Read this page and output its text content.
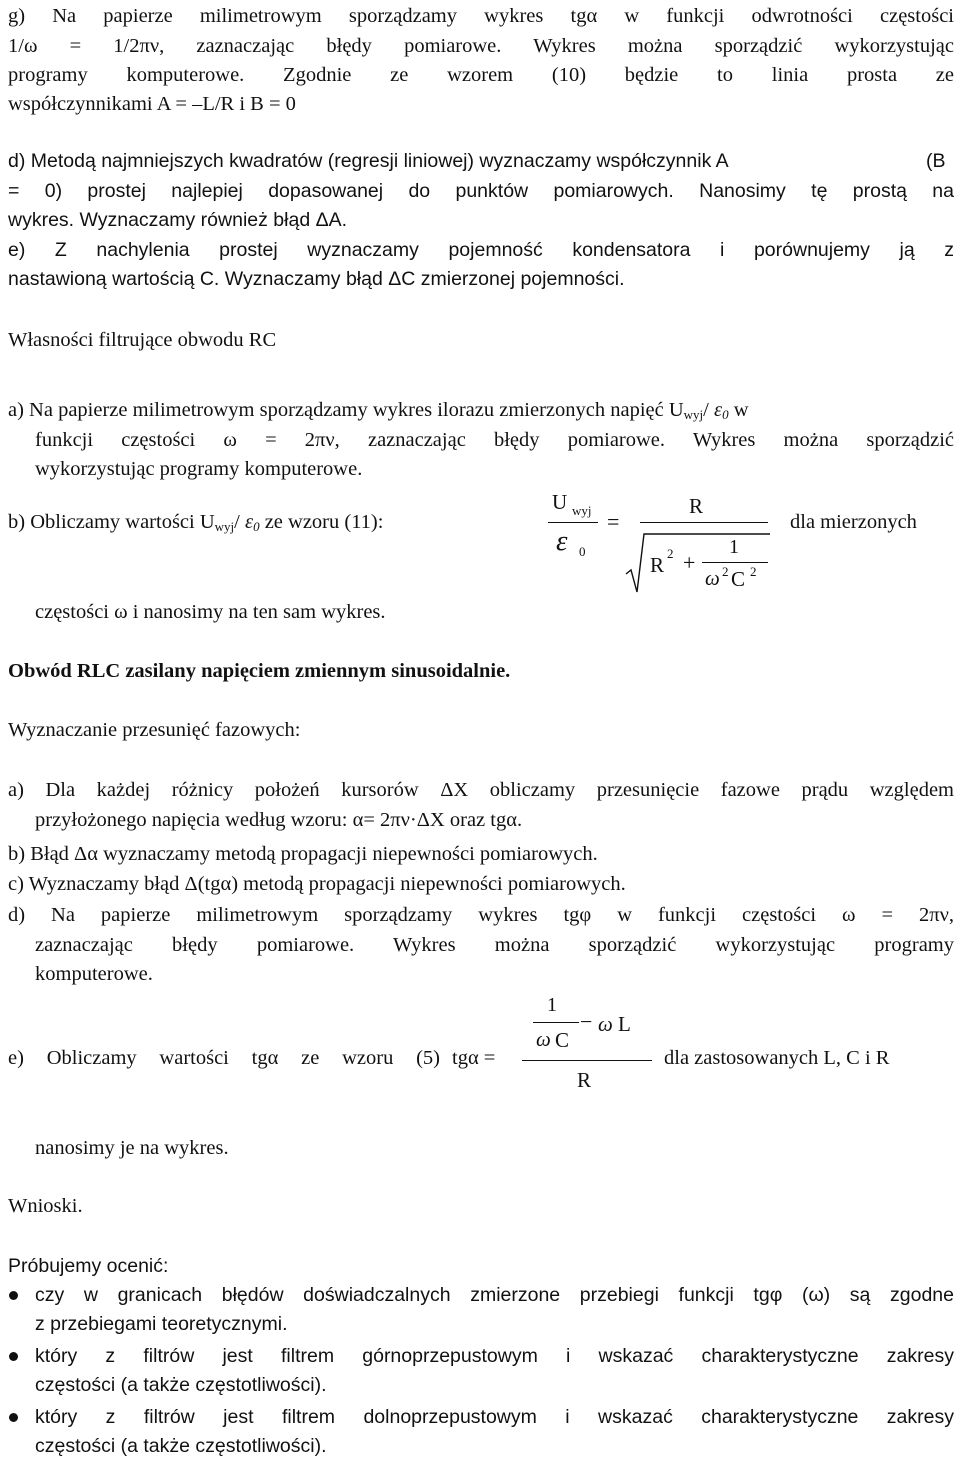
g) Na papierze milimetrowym sporządzamy wykres tgα w funkcji odwrotności częstości
1/ω = 1/2πν, zaznaczając błędy pomiarowe. Wykres można sporządzić wykorzystując
programy komputerowe. Zgodnie ze wzorem (10) będzie to linia prosta ze
współczynnikami A = –L/R i B = 0
d) Metodą najmniejszych kwadratów (regresji liniowej) wyznaczamy współczynnik A	(B
= 0) prostej najlepiej dopasowanej do punktów pomiarowych. Nanosimy tę prostą na
wykres. Wyznaczamy również błąd ΔA.
e) Z nachylenia prostej wyznaczamy pojemność kondensatora i porównujemy ją z
nastawioną wartością C. Wyznaczamy błąd ΔC zmierzonej pojemności.
Własności filtrujące obwodu RC
a) Na papierze milimetrowym sporządzamy wykres ilorazu zmierzonych napięć $U_{wyj}/$ $\varepsilon_0$ w
funkcji częstości ω = 2πν, zaznaczając błędy pomiarowe. Wykres można sporządzić
wykorzystując programy komputerowe.
b) Obliczamy wartości $U_{wyj}/$ $\varepsilon_0$ ze wzoru (11):	dla mierzonych
U wyj
ε 0
=
R
R 2 +
1
ω 2 C 2
częstości ω i nanosimy na ten sam wykres.
Obwód RLC zasilany napięciem zmiennym sinusoidalnie.
Wyznaczanie przesunięć fazowych:
a) Dla każdej różnicy położeń kursorów ΔX obliczamy przesunięcie fazowe prądu względem
przyłożonego napięcia według wzoru: α= 2πν·ΔX oraz tgα.
b) Błąd Δα wyznaczamy metodą propagacji niepewności pomiarowych.
c) Wyznaczamy błąd Δ(tgα) metodą propagacji niepewności pomiarowych.
d) Na papierze milimetrowym sporządzamy wykres tgφ w funkcji częstości ω = 2πν,
zaznaczając błędy pomiarowe. Wykres można sporządzić wykorzystując programy
komputerowe.
e) Obliczamy wartości tgα ze wzoru (5) tgα =	dla zastosowanych L, C i R
1
ω C
− ω L
R
nanosimy je na wykres.
Wnioski.
Próbujemy ocenić:
czy w granicach błędów doświadczalnych zmierzone przebiegi funkcji tgφ (ω) są zgodne
z przebiegami teoretycznymi.
który z filtrów jest filtrem górnoprzepustowym i wskazać charakterystyczne zakresy
częstości (a także częstotliwości).
który z filtrów jest filtrem dolnoprzepustowym i wskazać charakterystyczne zakresy
częstości (a także częstotliwości).
